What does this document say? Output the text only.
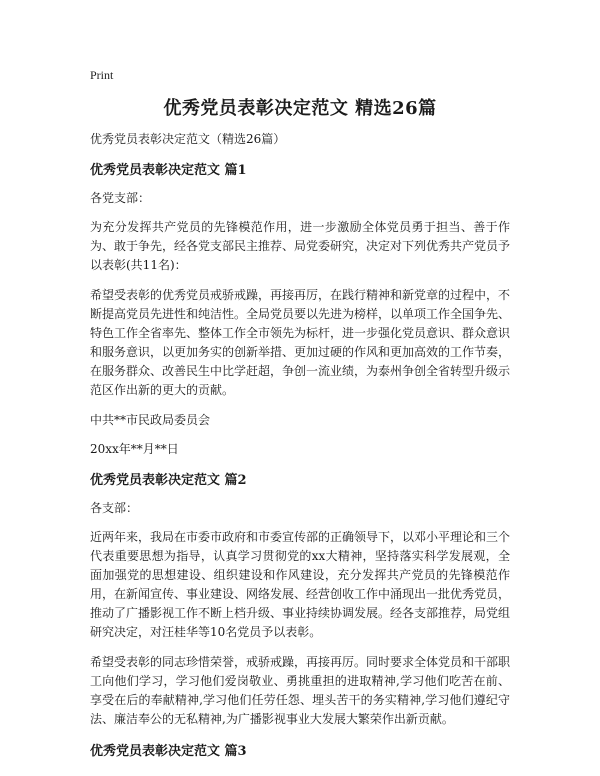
Print
优秀党员表彰决定范文 精选26篇
优秀党员表彰决定范文（精选26篇）
优秀党员表彰决定范文 篇1
各党支部：

为充分发挥共产党员的先锋模范作用，进一步激励全体党员勇于担当、善于作为、敢于争先，经各党支部民主推荐、局党委研究，决定对下列优秀共产党员予以表彰(共11名)：

希望受表彰的优秀党员戒骄戒躁，再接再厉，在践行精神和新党章的过程中，不断提高党员先进性和纯洁性。全局党员要以先进为榜样，以单项工作全国争先、特色工作全省率先、整体工作全市领先为标杆，进一步强化党员意识、群众意识和服务意识，以更加务实的创新举措、更加过硬的作风和更加高效的工作节奏，在服务群众、改善民生中比学赶超，争创一流业绩，为泰州争创全省转型升级示范区作出新的更大的贡献。

中共**市民政局委员会
20xx年**月**日
优秀党员表彰决定范文 篇2
各支部：

近两年来，我局在市委市政府和市委宣传部的正确领导下，以邓小平理论和三个代表重要思想为指导，认真学习贯彻党的xx大精神，坚持落实科学发展观，全面加强党的思想建设、组织建设和作风建设，充分发挥共产党员的先锋模范作用，在新闻宣传、事业建设、网络发展、经营创收工作中涌现出一批优秀党员，推动了广播影视工作不断上档升级、事业持续协调发展。经各支部推荐，局党组研究决定，对汪桂华等10名党员予以表彰。

希望受表彰的同志珍惜荣誉，戒骄戒躁，再接再厉。同时要求全体党员和干部职工向他们学习，学习他们爱岗敬业、勇挑重担的进取精神,学习他们吃苦在前、享受在后的奉献精神,学习他们任劳任怨、埋头苦干的务实精神,学习他们遵纪守法、廉洁奉公的无私精神,为广播影视事业大发展大繁荣作出新贡献。

优秀党员表彰决定范文 篇3
